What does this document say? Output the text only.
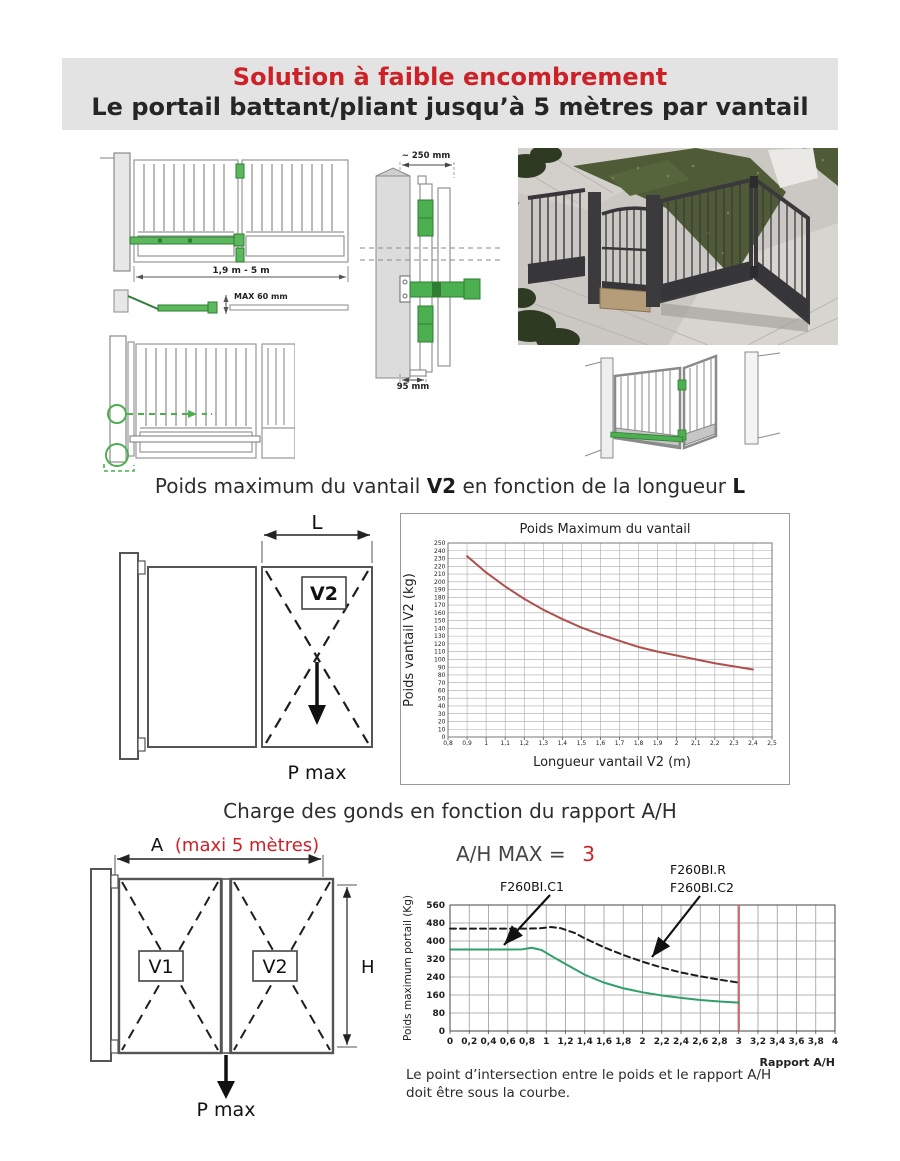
Solution à faible encombrement
Le portail battant/pliant jusqu’à 5 mètres par vantail
1,9 m - 5 m
MAX 60 mm
~ 250 mm
95 mm
Poids maximum du vantail V2 en fonction de la longueur L
V2
L
P max
Poids Maximum du vantail
0
10
20
30
40
50
60
70
80
90
100
110
120
130
140
150
160
170
180
190
200
210
220
230
240
250
0,8 0,9 1 1,1 1,2 1,3 1,4 1,5 1,6 1,7 1,8 1,9 2 2,1 2,2 2,3 2,4 2,5
Longueur vantail V2 (m)
Poids vantail V2 (kg)
Charge des gonds en fonction du rapport A/H
A (maxi 5 mètres)
V1	V2	H
P max
A/H MAX =  3
F260BI.C1
F260BI.R
F260BI.C2
0
80
160
240
320
400
480
560
0 0,2 0,4 0,6 0,8 1 1,2 1,4 1,6 1,8 2 2,2 2,4 2,6 2,8 3 3,2 3,4 3,6 3,8 4
Rapport A/H
Poids maximum portail (Kg)
Le point d’intersection entre le poids et le rapport A/H
doit être sous la courbe.
